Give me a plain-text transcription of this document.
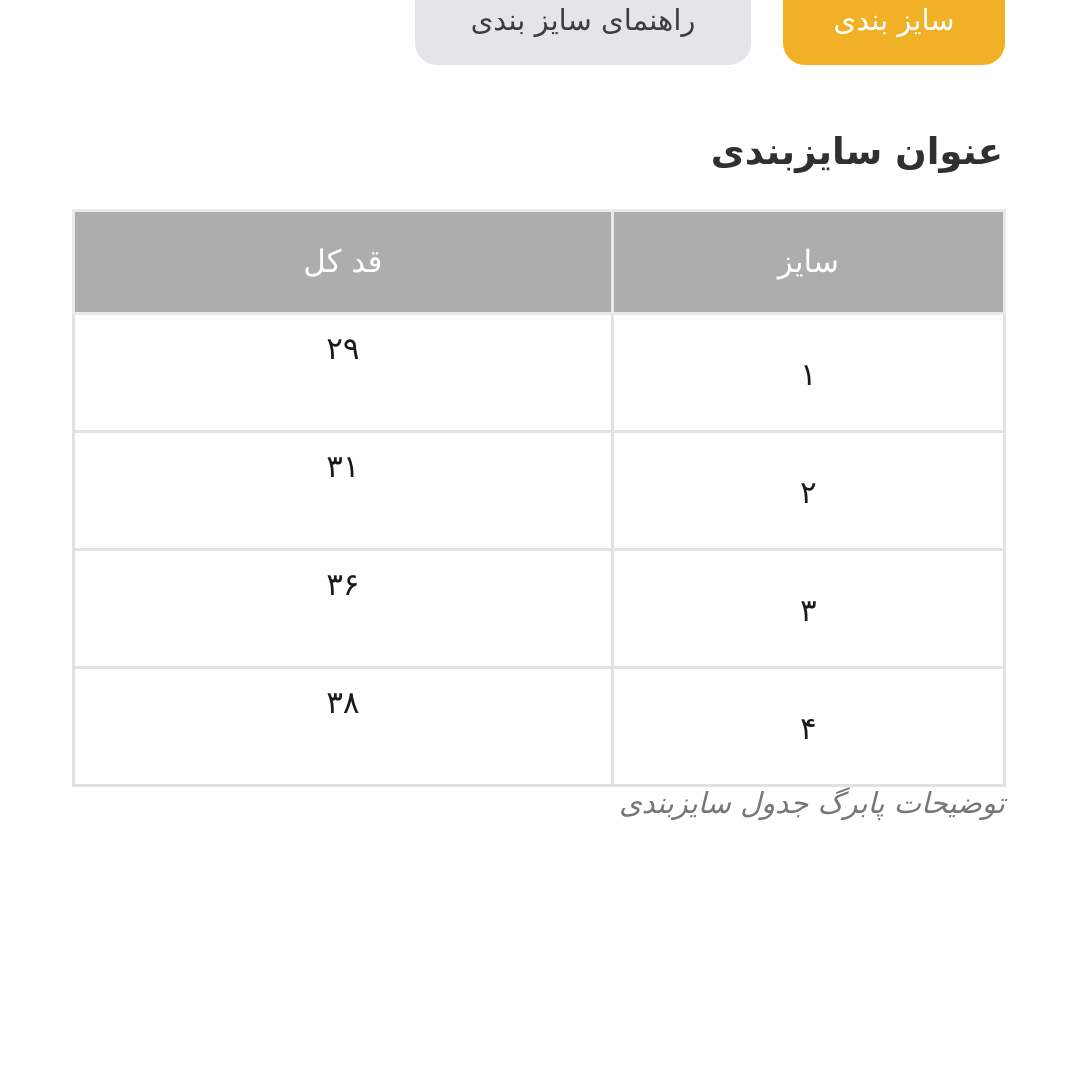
سایز بندی
راهنمای سایز بندی
عنوان سایزبندی
سایز	قد کل
۱	۲۹
۲	۳۱
۳	۳۶
۴	۳۸

توضیحات پابرگ جدول سایزبندی
